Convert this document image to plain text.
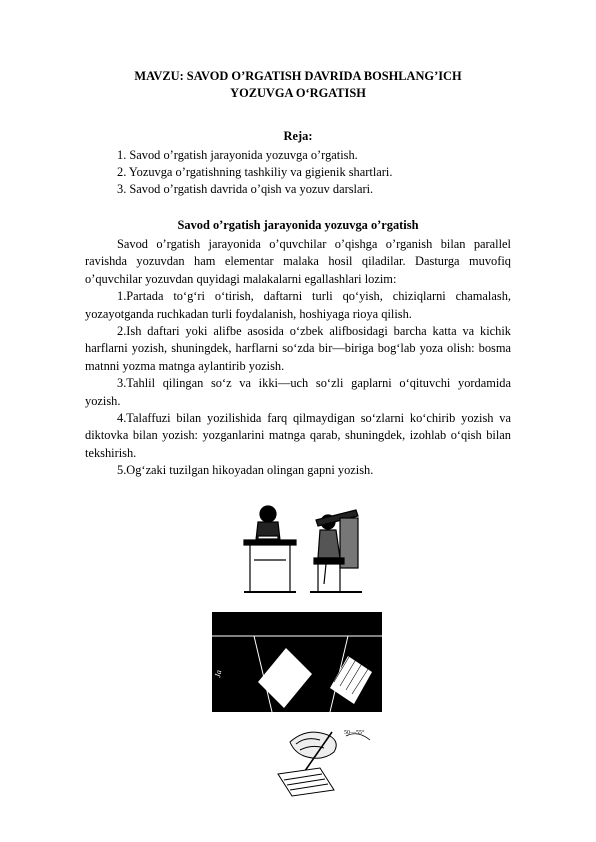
MAVZU: SAVOD O’RGATISH DAVRIDA BOSHLANG’ICH
YOZUVGA O‘RGATISH
Reja:
1. Savod o’rgatish jarayonida yozuvga o’rgatish.
2. Yozuvga o’rgatishning tashkiliy va gigienik shartlari.
3. Savod o’rgatish davrida o’qish va yozuv darslari.
Savod o’rgatish jarayonida yozuvga o’rgatish

Savod o’rgatish jarayonida o’quvchilar o’qishga o’rganish bilan parallel ravishda yozuvdan ham elementar malaka hosil qiladilar. Dasturga muvofiq o’quvchilar yozuvdan quyidagi malakalarni egallashlari lozim:

1.Partada to‘g‘ri o‘tirish, daftarni turli qo‘yish, chiziqlarni chamalash, yozayotganda ruchkadan turli foydalanish, hoshiyaga rioya qilish.

2.Ish daftari yoki alifbe asosida o‘zbek alifbosidagi barcha katta va kichik harflarni yozish, shuningdek, harflarni so‘zda bir—biriga bog‘lab yoza olish: bosma matnni yozma matnga aylantirib yozish.

3.Tahlil qilingan so‘z va ikki—uch so‘zli gaplarni o‘qituvchi yordamida yozish.

4.Talaffuzi bilan yozilishida farq qilmaydigan so‘zlarni ko‘chirib yozish va diktovka bilan yozish: yozganlarini matnga qarab, shuningdek, izohlab o‘qish bilan tekshirish.

5.Og‘zaki tuzilgan hikoyadan olingan gapni yozish.

Ja
50—55°
